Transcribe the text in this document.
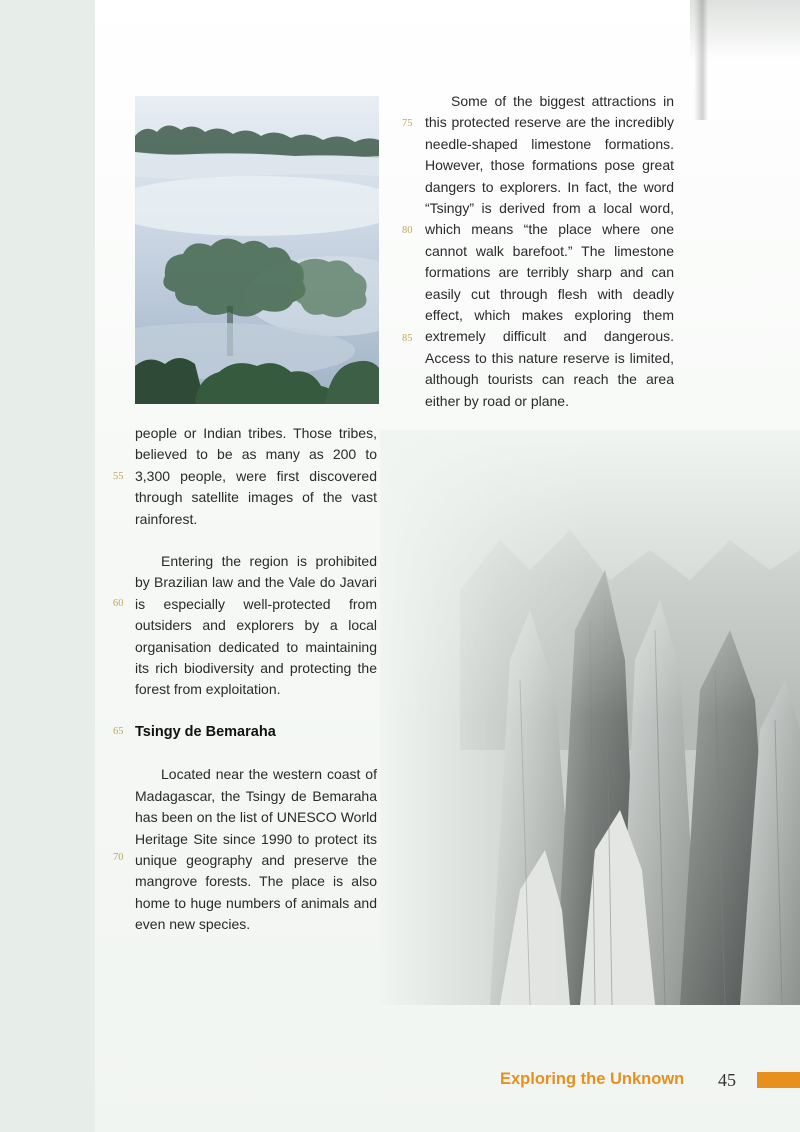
people or Indian tribes. Those tribes, believed to be as many as 200 to 3,300 people, were first discovered through satellite images of the vast rainforest.

Entering the region is prohibited by Brazilian law and the Vale do Javari is especially well-protected from outsiders and explorers by a local organisation dedicated to maintaining its rich biodiversity and protecting the forest from exploitation.

Tsingy de Bemaraha

Located near the western coast of Madagascar, the Tsingy de Bemaraha has been on the list of UNESCO World Heritage Site since 1990 to protect its unique geography and preserve the mangrove forests. The place is also home to huge numbers of animals and even new species.

Some of the biggest attractions in this protected reserve are the incredibly needle-shaped limestone formations. However, those formations pose great dangers to explorers. In fact, the word “Tsingy” is derived from a local word, which means “the place where one cannot walk barefoot.” The limestone formations are terribly sharp and can easily cut through flesh with deadly effect, which makes exploring them extremely difficult and dangerous. Access to this nature reserve is limited, although tourists can reach the area either by road or plane.

55
60
65
70
75
80
85
Exploring the Unknown 45
